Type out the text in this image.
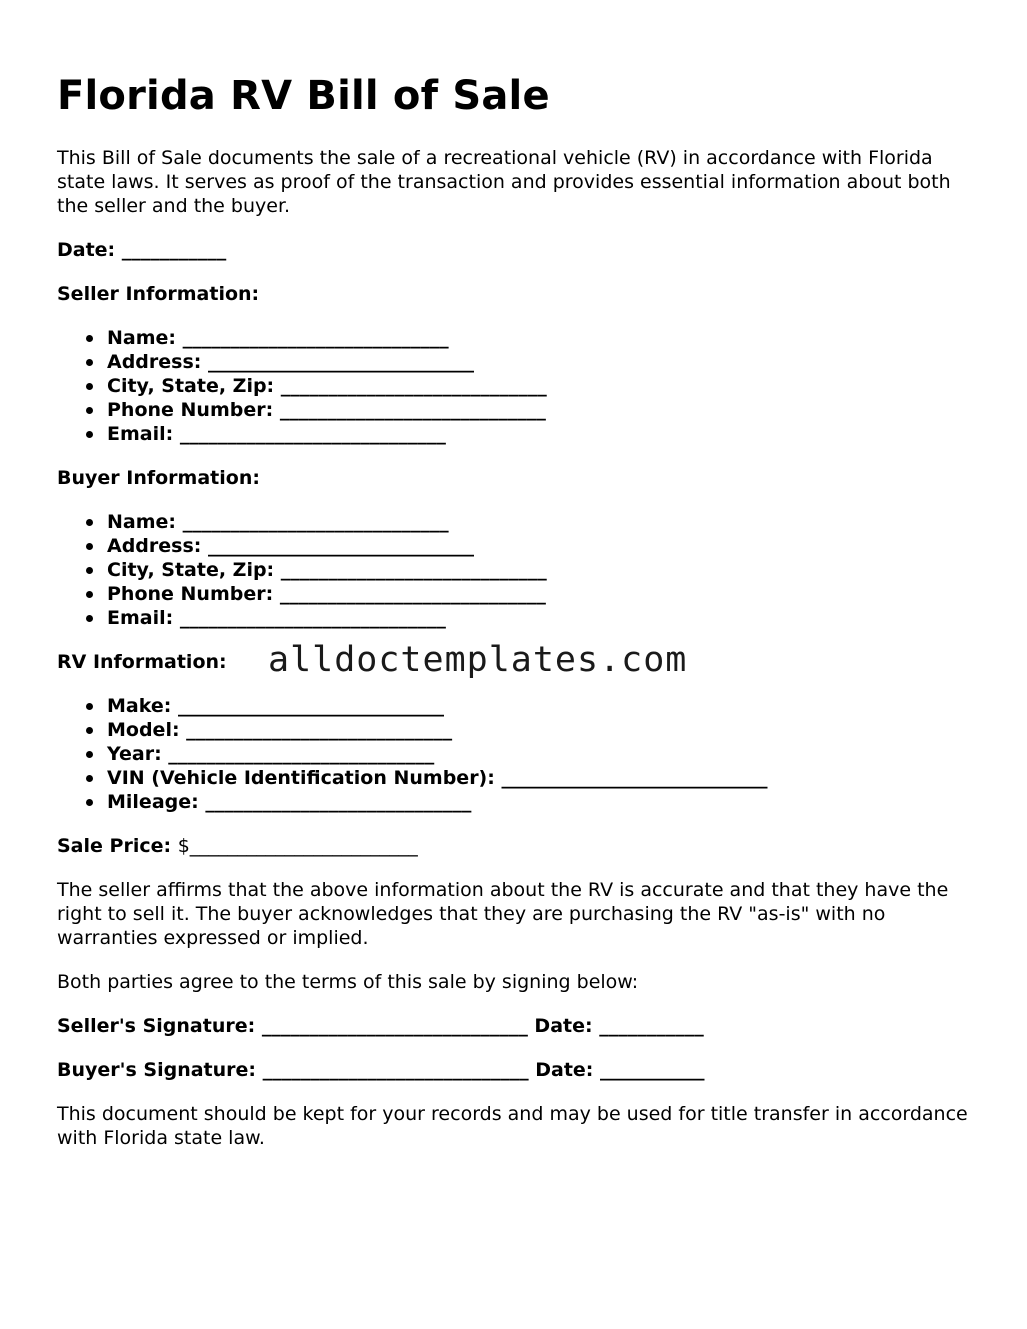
Florida RV Bill of Sale

This Bill of Sale documents the sale of a recreational vehicle (RV) in accordance with Florida state laws. It serves as proof of the transaction and provides essential information about both the seller and the buyer.

Date: ___________

Seller Information:

Name: ____________________________
Address: ____________________________
City, State, Zip: ____________________________
Phone Number: ____________________________
Email: ____________________________

Buyer Information:

Name: ____________________________
Address: ____________________________
City, State, Zip: ____________________________
Phone Number: ____________________________
Email: ____________________________

RV Information:	alldoctemplates.com
Make: ____________________________
Model: ____________________________
Year: ____________________________
VIN (Vehicle Identification Number): ____________________________
Mileage: ____________________________

Sale Price: $________________________

The seller affirms that the above information about the RV is accurate and that they have the right to sell it. The buyer acknowledges that they are purchasing the RV "as-is" with no warranties expressed or implied.

Both parties agree to the terms of this sale by signing below:

Seller's Signature: ____________________________ Date: ___________

Buyer's Signature: ____________________________ Date: ___________

This document should be kept for your records and may be used for title transfer in accordance with Florida state law.
